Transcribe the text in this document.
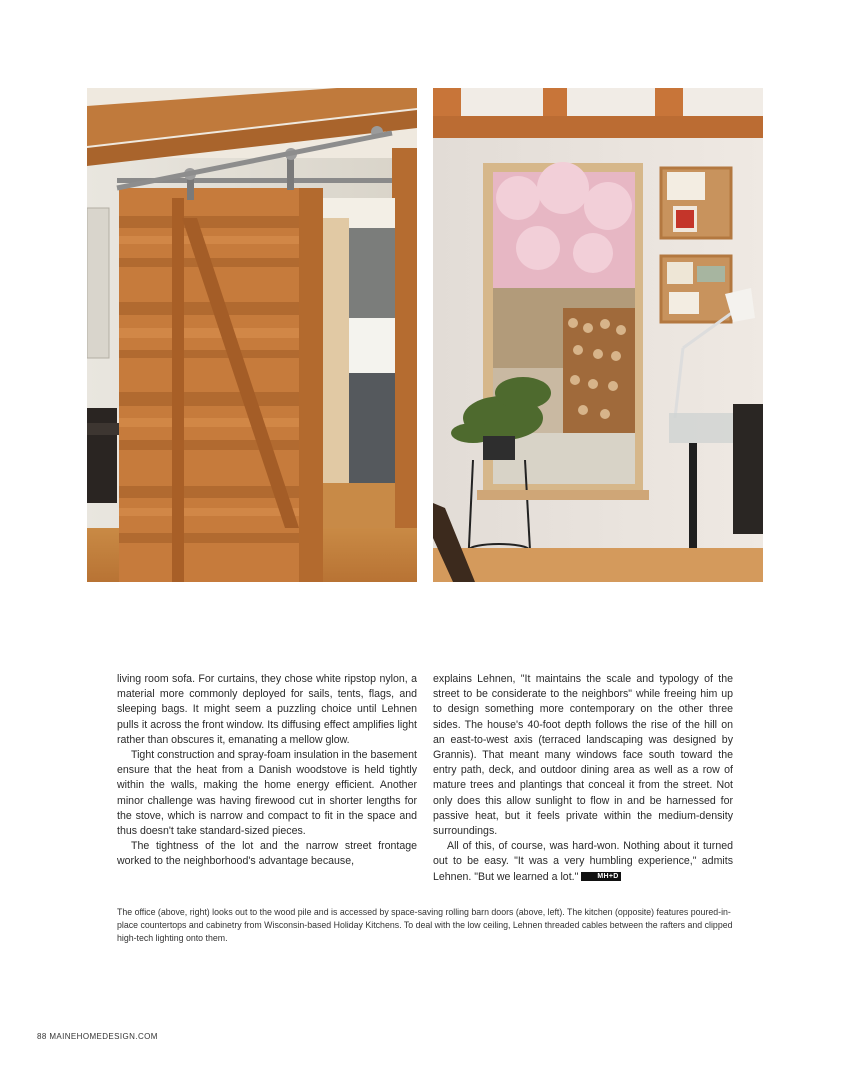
living room sofa. For curtains, they chose white ripstop nylon, a material more commonly deployed for sails, tents, flags, and sleeping bags. It might seem a puzzling choice until Lehnen pulls it across the front window. Its diffusing effect amplifies light rather than obscures it, emanating a mellow glow.

Tight construction and spray-foam insulation in the basement ensure that the heat from a Danish woodstove is held tightly within the walls, making the home energy efficient. Another minor challenge was having firewood cut in shorter lengths for the stove, which is narrow and compact to fit in the space and thus doesn't take standard-sized pieces.

The tightness of the lot and the narrow street frontage worked to the neighborhood's advantage because,

explains Lehnen, "It maintains the scale and typology of the street to be considerate to the neighbors" while freeing him up to design something more contemporary on the other three sides. The house's 40-foot depth follows the rise of the hill on an east-to-west axis (terraced landscaping was designed by Grannis). That meant many windows face south toward the entry path, deck, and outdoor dining area as well as a row of mature trees and plantings that conceal it from the street. Not only does this allow sunlight to flow in and be harnessed for passive heat, but it feels private within the medium-density surroundings.

All of this, of course, was hard-won. Nothing about it turned out to be easy. "It was a very humbling experience," admits Lehnen. "But we learned a lot."	MH+D

The office (above, right) looks out to the wood pile and is accessed by space-saving rolling barn doors (above, left). The kitchen (opposite) features poured-in-place countertops and cabinetry from Wisconsin-based Holiday Kitchens. To deal with the low ceiling, Lehnen threaded cables between the rafters and clipped high-tech lighting onto them.
88 MAINEHOMEDESIGN.COM
